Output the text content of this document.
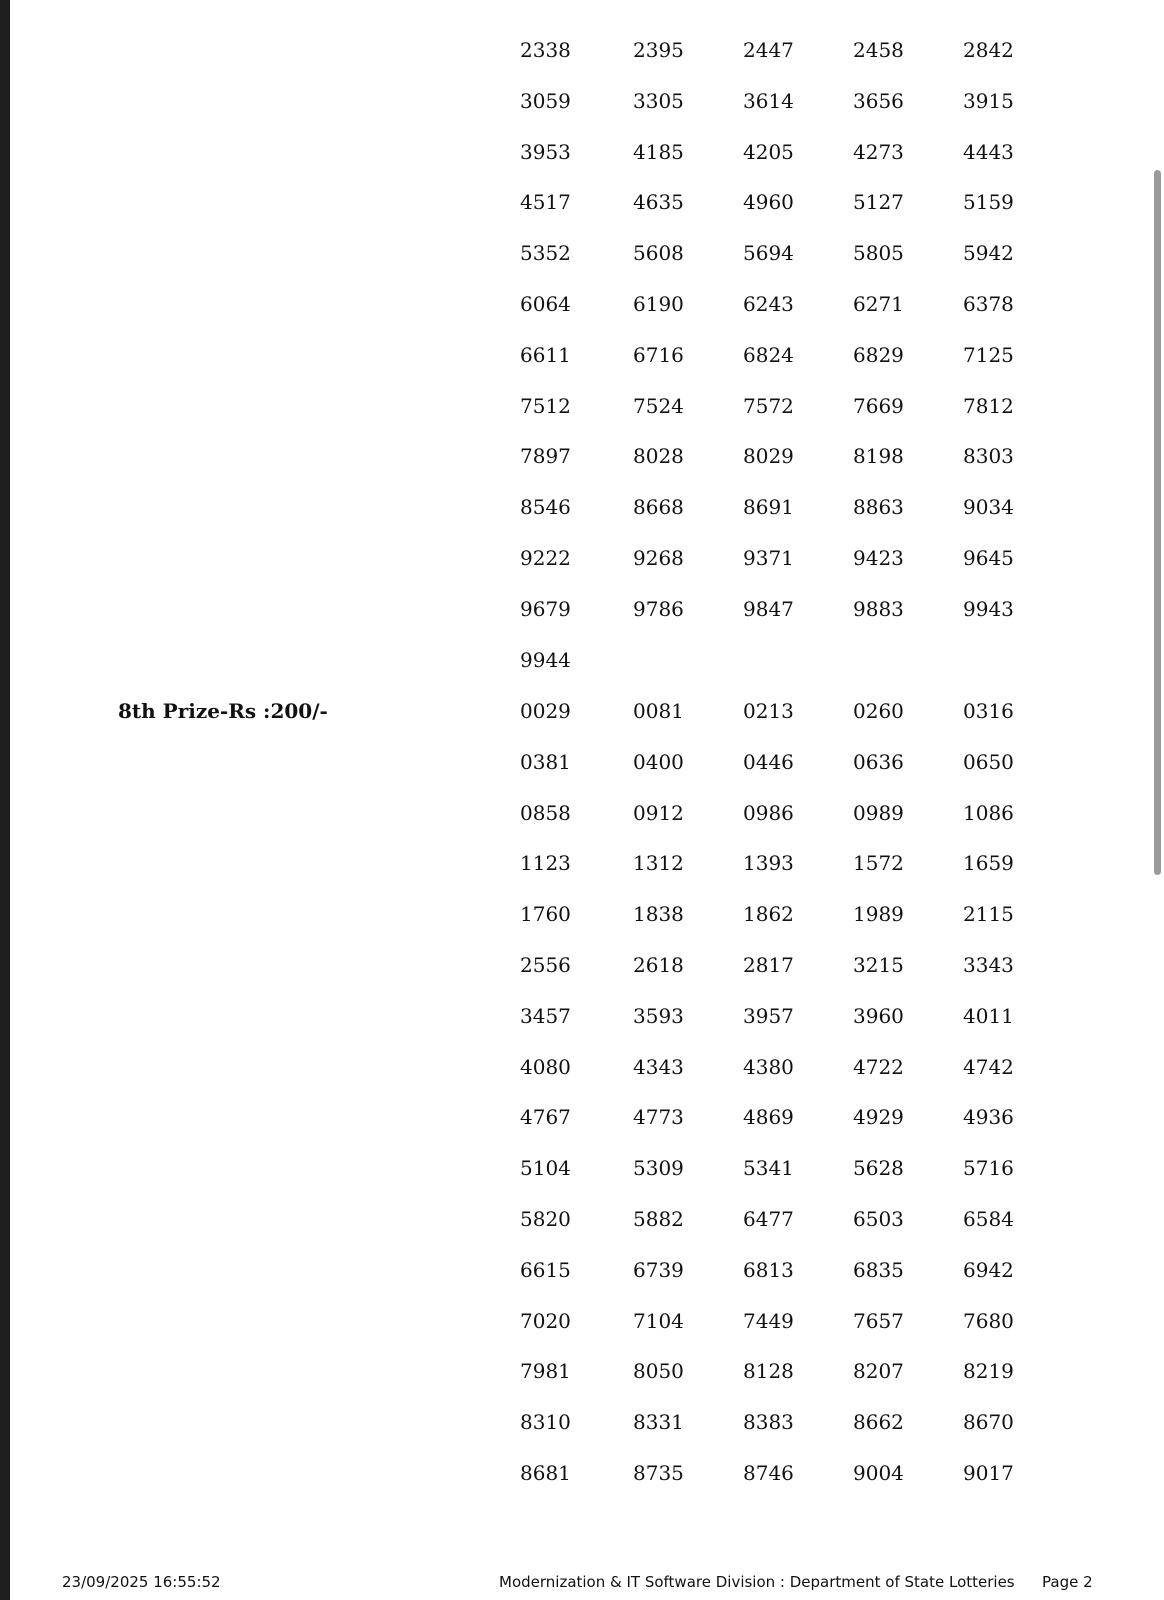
2338	2395	2447	2458	2842
3059	3305	3614	3656	3915
3953	4185	4205	4273	4443
4517	4635	4960	5127	5159
5352	5608	5694	5805	5942
6064	6190	6243	6271	6378
6611	6716	6824	6829	7125
7512	7524	7572	7669	7812
7897	8028	8029	8198	8303
8546	8668	8691	8863	9034
9222	9268	9371	9423	9645
9679	9786	9847	9883	9943
9944
8th Prize-Rs :200/-	0029	0081	0213	0260	0316
0381	0400	0446	0636	0650
0858	0912	0986	0989	1086
1123	1312	1393	1572	1659
1760	1838	1862	1989	2115
2556	2618	2817	3215	3343
3457	3593	3957	3960	4011
4080	4343	4380	4722	4742
4767	4773	4869	4929	4936
5104	5309	5341	5628	5716
5820	5882	6477	6503	6584
6615	6739	6813	6835	6942
7020	7104	7449	7657	7680
7981	8050	8128	8207	8219
8310	8331	8383	8662	8670
8681	8735	8746	9004	9017
23/09/2025 16:55:52	Modernization & IT Software Division : Department of State Lotteries Page 2
